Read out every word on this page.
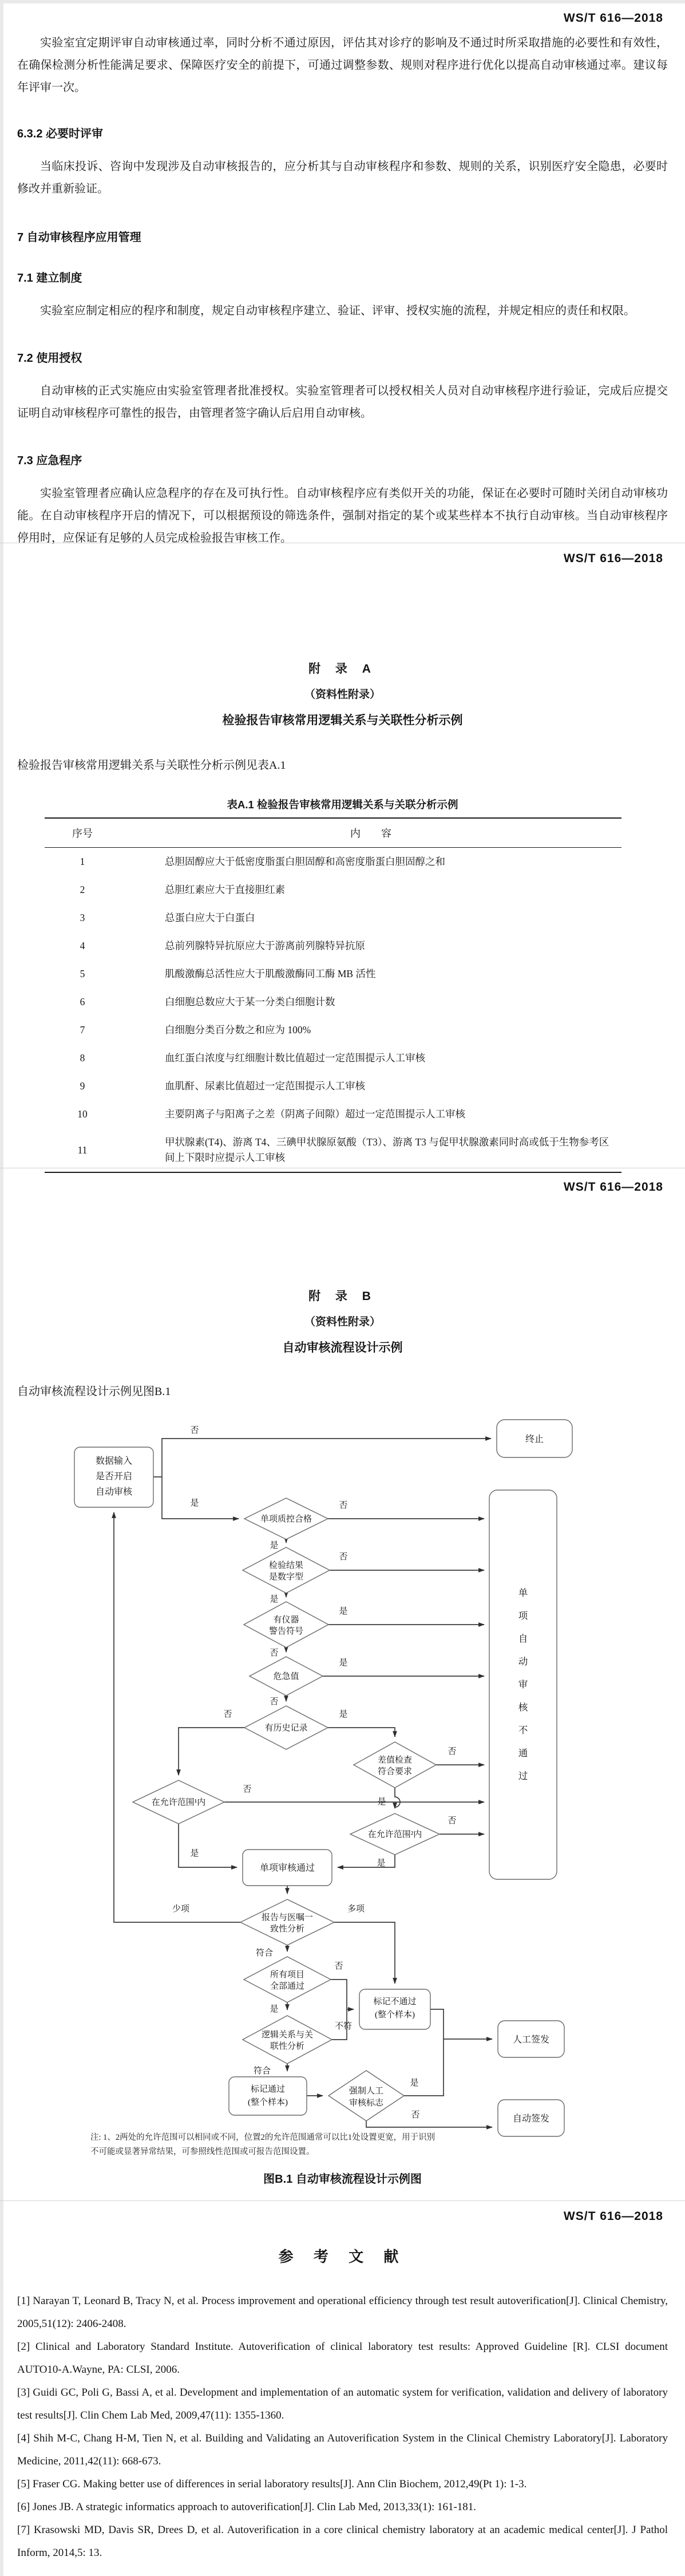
WS/T 616—2018

实验室宜定期评审自动审核通过率，同时分析不通过原因，评估其对诊疗的影响及不通过时所采取措施的必要性和有效性，在确保检测分析性能满足要求、保障医疗安全的前提下，可通过调整参数、规则对程序进行优化以提高自动审核通过率。建议每年评审一次。

6.3.2 必要时评审

当临床投诉、咨询中发现涉及自动审核报告的，应分析其与自动审核程序和参数、规则的关系，识别医疗安全隐患，必要时修改并重新验证。

7 自动审核程序应用管理

7.1 建立制度

实验室应制定相应的程序和制度，规定自动审核程序建立、验证、评审、授权实施的流程，并规定相应的责任和权限。

7.2 使用授权

自动审核的正式实施应由实验室管理者批准授权。实验室管理者可以授权相关人员对自动审核程序进行验证，完成后应提交证明自动审核程序可靠性的报告，由管理者签字确认后启用自动审核。

7.3 应急程序

实验室管理者应确认应急程序的存在及可执行性。自动审核程序应有类似开关的功能，保证在必要时可随时关闭自动审核功能。在自动审核程序开启的情况下，可以根据预设的筛选条件，强制对指定的某个或某些样本不执行自动审核。当自动审核程序停用时，应保证有足够的人员完成检验报告审核工作。

WS/T 616—2018
附 录 A
（资料性附录）
检验报告审核常用逻辑关系与关联性分析示例
检验报告审核常用逻辑关系与关联性分析示例见表A.1
表A.1 检验报告审核常用逻辑关系与关联分析示例
序号	内　　容
1	总胆固醇应大于低密度脂蛋白胆固醇和高密度脂蛋白胆固醇之和
2	总胆红素应大于直接胆红素
3	总蛋白应大于白蛋白
4	总前列腺特异抗原应大于游离前列腺特异抗原
5	肌酸激酶总活性应大于肌酸激酶同工酶 MB 活性
6	白细胞总数应大于某一分类白细胞计数
7	白细胞分类百分数之和应为 100%
8	血红蛋白浓度与红细胞计数比值超过一定范围提示人工审核
9	血肌酐、尿素比值超过一定范围提示人工审核
10	主要阴离子与阳离子之差（阴离子间隙）超过一定范围提示人工审核
11	甲状腺素(T4)、游离 T4、三碘甲状腺原氨酸（T3）、游离 T3 与促甲状腺激素同时高或低于生物参考区间上下限时应提示人工审核
WS/T 616—2018
附 录 B
（资料性附录）
自动审核流程设计示例
自动审核流程设计示例见图B.1
数据输入
是否开启
自动审核
终止
单项质控合格
检验结果
是数字型
有仪器
警告符号
危急值
有历史记录
差值检查
符合要求
在允许范围¹内
在允许范围²内
单项自动审核不通过
单项审核通过
报告与医嘱一
致性分析
所有项目
全部通过
逻辑关系与关
联性分析
标记不通过
(整个样本)
标记通过
(整个样本)
强制人工
审核标志
人工签发
自动签发
否
是	否
是
否
是
是
否
是
否
是
否
否
是
否
是
否
是
少项	多项
符合
否
不符
是
符合
是
否
注: 1、2两处的允许范围可以相同或不同，位置2的允许范围通常可以比1处设置更宽，用于识别
不可能或显著异常结果，可参照线性范围或可报告范围设置。
图B.1 自动审核流程设计示例图
WS/T 616—2018
参 考 文 献

[1] Narayan T, Leonard B, Tracy N, et al. Process improvement and operational efficiency through test result autoverification[J]. Clinical Chemistry, 2005,51(12): 2406-2408.

[2] Clinical and Laboratory Standard Institute. Autoverification of clinical laboratory test results: Approved Guideline [R]. CLSI document AUTO10-A.Wayne, PA: CLSI, 2006.

[3] Guidi GC, Poli G, Bassi A, et al. Development and implementation of an automatic system for verification, validation and delivery of laboratory test results[J]. Clin Chem Lab Med, 2009,47(11): 1355-1360.

[4] Shih M-C, Chang H-M, Tien N, et al. Building and Validating an Autoverification System in the Clinical Chemistry Laboratory[J]. Laboratory Medicine, 2011,42(11): 668-673.

[5] Fraser CG. Making better use of differences in serial laboratory results[J]. Ann Clin Biochem, 2012,49(Pt 1): 1-3.

[6] Jones JB. A strategic informatics approach to autoverification[J]. Clin Lab Med, 2013,33(1): 161-181.

[7] Krasowski MD, Davis SR, Drees D, et al. Autoverification in a core clinical chemistry laboratory at an academic medical center[J]. J Pathol Inform, 2014,5: 13.
